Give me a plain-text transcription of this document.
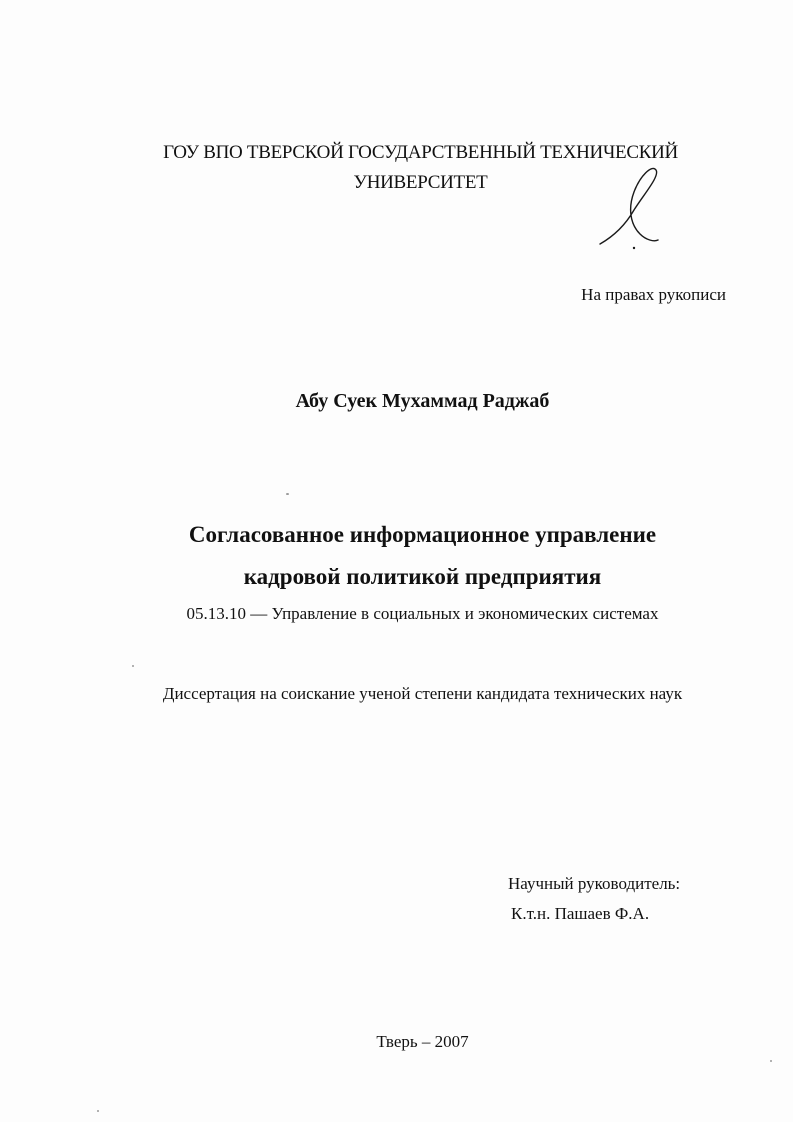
ГОУ ВПО ТВЕРСКОЙ ГОСУДАРСТВЕННЫЙ ТЕХНИЧЕСКИЙ
УНИВЕРСИТЕТ
На правах рукописи
Абу Суек Мухаммад Раджаб
Согласованное информационное управление
кадровой политикой предприятия
05.13.10 — Управление в социальных и экономических системах
Диссертация на соискание ученой степени кандидата технических наук
Научный руководитель:
К.т.н. Пашаев Ф.А.
Тверь – 2007
